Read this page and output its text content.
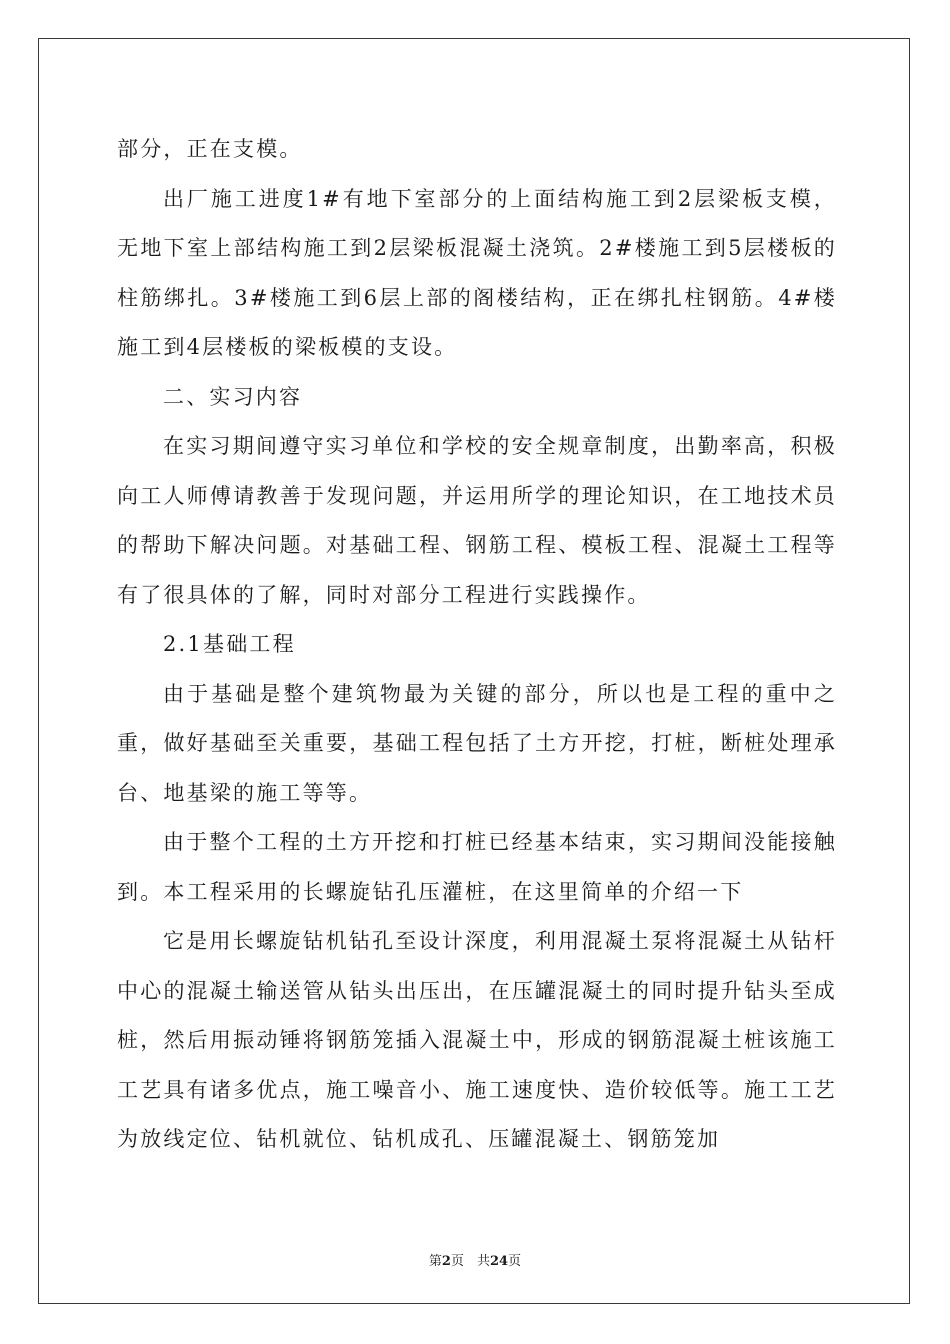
部分，正在支模。

出厂施工进度1#有地下室部分的上面结构施工到2层梁板支模，无地下室上部结构施工到2层梁板混凝土浇筑。2#楼施工到5层楼板的柱筋绑扎。3#楼施工到6层上部的阁楼结构，正在绑扎柱钢筋。4#楼施工到4层楼板的梁板模的支设。

二、实习内容

在实习期间遵守实习单位和学校的安全规章制度，出勤率高，积极向工人师傅请教善于发现问题，并运用所学的理论知识，在工地技术员的帮助下解决问题。对基础工程、钢筋工程、模板工程、混凝土工程等有了很具体的了解，同时对部分工程进行实践操作。

2.1基础工程

由于基础是整个建筑物最为关键的部分，所以也是工程的重中之重，做好基础至关重要，基础工程包括了土方开挖，打桩，断桩处理承台、地基梁的施工等等。

由于整个工程的土方开挖和打桩已经基本结束，实习期间没能接触到。本工程采用的长螺旋钻孔压灌桩，在这里简单的介绍一下

它是用长螺旋钻机钻孔至设计深度，利用混凝土泵将混凝土从钻杆中心的混凝土输送管从钻头出压出，在压罐混凝土的同时提升钻头至成桩，然后用振动锤将钢筋笼插入混凝土中，形成的钢筋混凝土桩该施工工艺具有诸多优点，施工噪音小、施工速度快、造价较低等。施工工艺为放线定位、钻机就位、钻机成孔、压罐混凝土、钢筋笼加

第2页　共24页
